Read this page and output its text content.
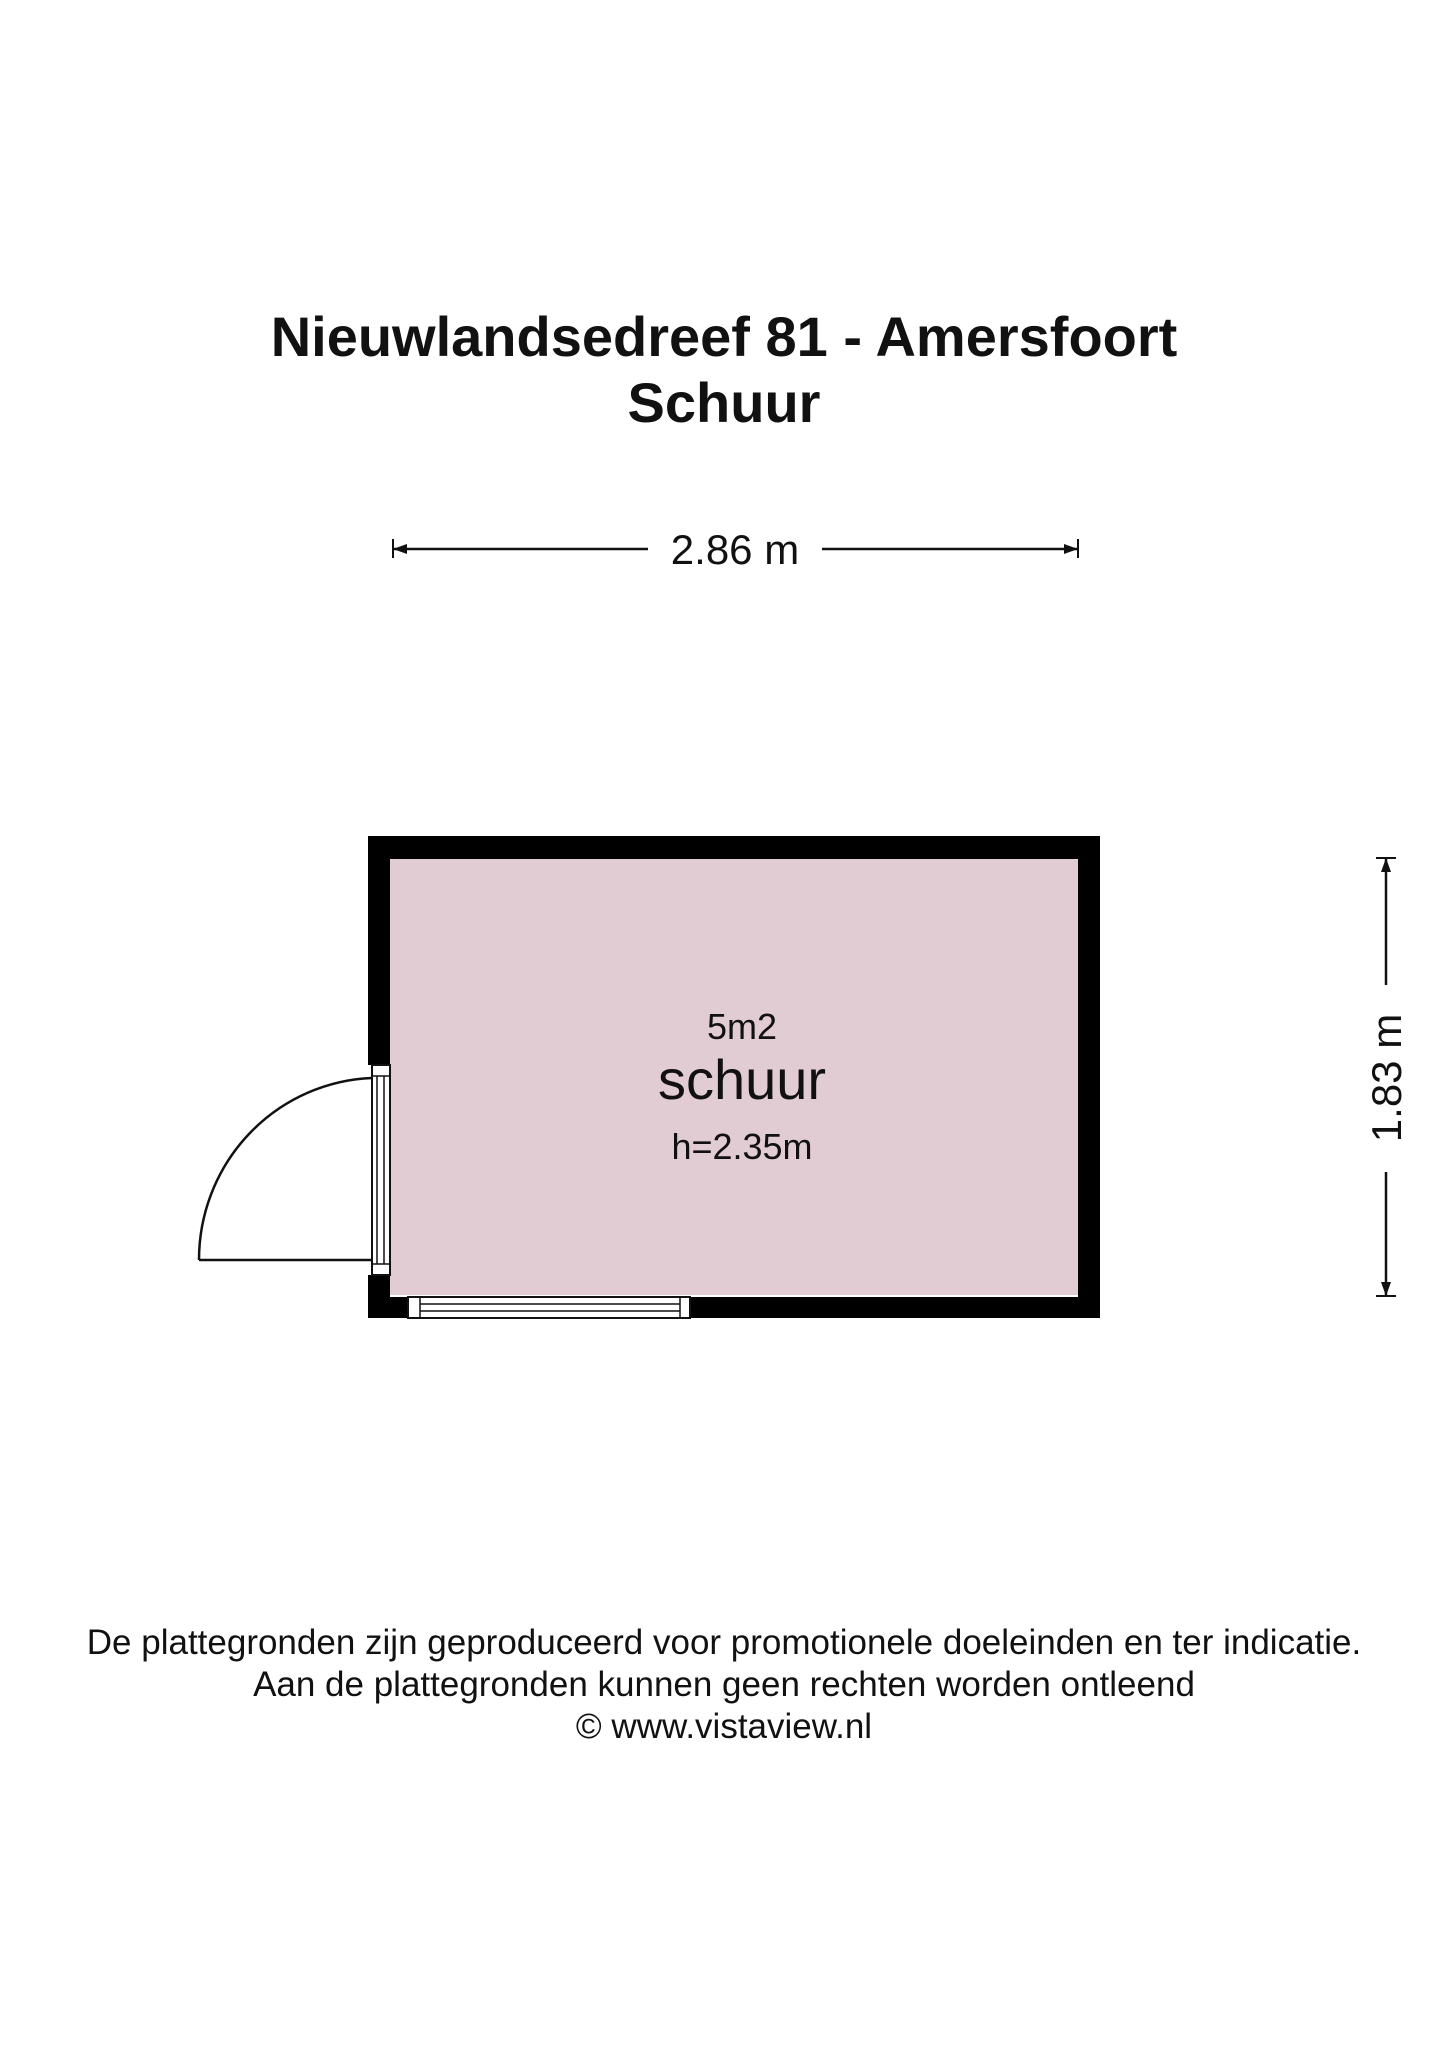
Nieuwlandsedreef 81 - Amersfoort
Schuur
2.86 m
1.83 m
5m2
schuur
h=2.35m
De plattegronden zijn geproduceerd voor promotionele doeleinden en ter indicatie.
Aan de plattegronden kunnen geen rechten worden ontleend
© www.vistaview.nl
